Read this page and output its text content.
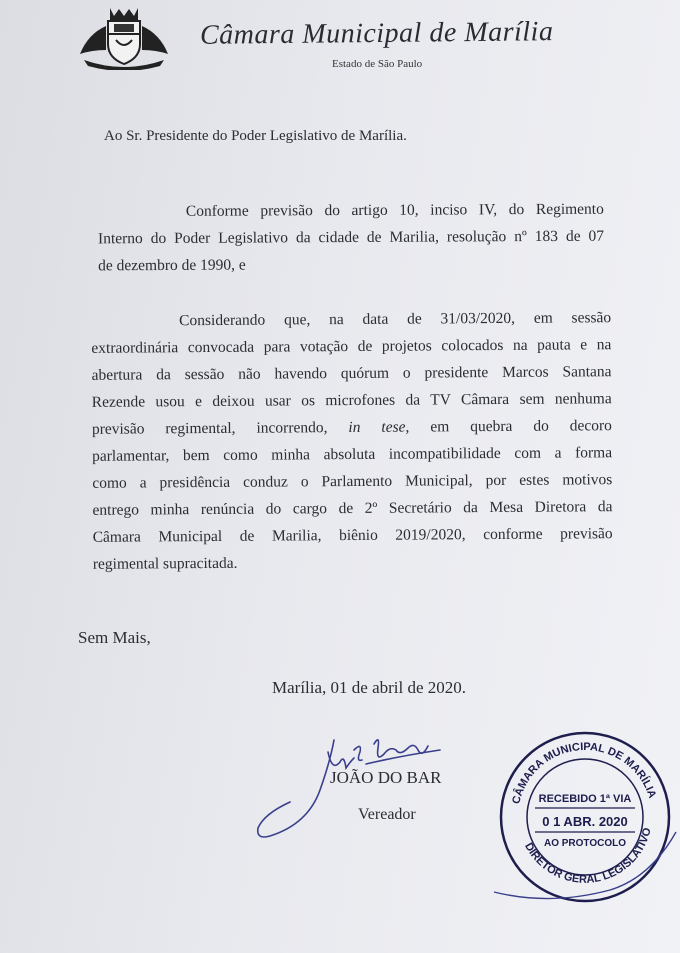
Câmara Municipal de Marília
Estado de São Paulo
Ao Sr. Presidente do Poder Legislativo de Marília.
Conforme previsão do artigo 10, inciso IV, do Regimento
Interno do Poder Legislativo da cidade de Marilia, resolução nº 183 de 07
de dezembro de 1990, e
Considerando que, na data de 31/03/2020, em sessão
extraordinária convocada para votação de projetos colocados na pauta e na
abertura da sessão não havendo quórum o presidente Marcos Santana
Rezende usou e deixou usar os microfones da TV Câmara sem nenhuma
previsão regimental, incorrendo, in tese, em quebra do decoro
parlamentar, bem como minha absoluta incompatibilidade com a forma
como a presidência conduz o Parlamento Municipal, por estes motivos
entrego minha renúncia do cargo de 2º Secretário da Mesa Diretora da
Câmara Municipal de Marilia, biênio 2019/2020, conforme previsão
regimental supracitada.
Sem Mais,
Marília, 01 de abril de 2020.
JOÃO DO BAR
Vereador
CÂMARA MUNICIPAL DE MARÍLIA
DIRETOR GERAL LEGISLATIVO
RECEBIDO 1ª VIA
0 1 ABR. 2020
AO PROTOCOLO
